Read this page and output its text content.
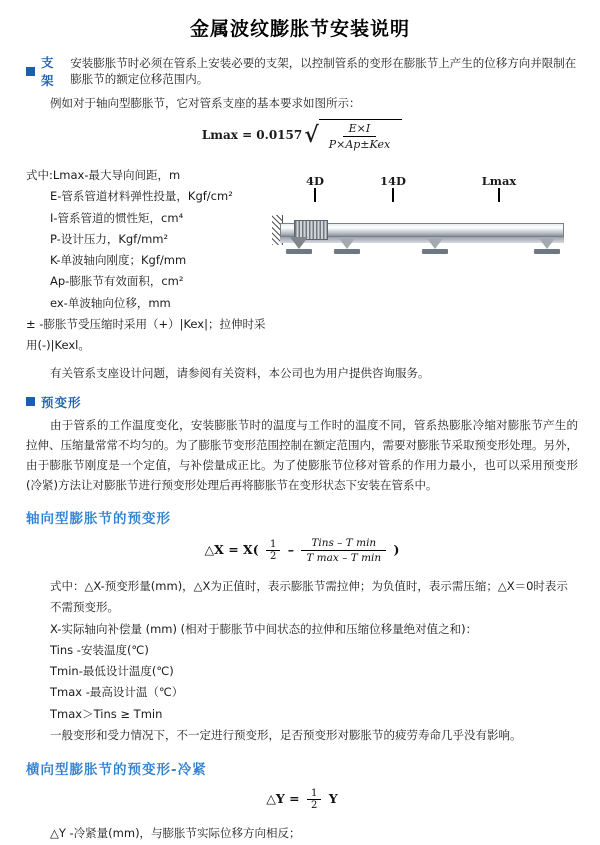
金属波纹膨胀节安装说明
支架
安装膨胀节时必须在管系上安装必要的支架，以控制管系的变形在膨胀节上产生的位移方向并限制在膨胀节的额定位移范围内。

例如对于轴向型膨胀节，它对管系支座的基本要求如图所示：

Lmax = 0.0157 √ $\frac{E\times I}{\text{P×Ap±Kex}}$
式中:Lmax-最大导向间距，m
E-管系管道材料弹性投量，Kgf/cm²
I-管系管道的惯性矩，cm⁴
P-设计压力，Kgf/mm²
K-单波轴向刚度；Kgf/mm
Ap-膨胀节有效面积，cm²
ex-单波轴向位移，mm
± -膨胀节受压缩时采用（+）|Kex|；拉伸时采用(-)|Kexl。
4D	14D	Lmax

有关管系支座设计问题，请参阅有关资料，本公司也为用户提供咨询服务。

预变形

由于管系的工作温度变化，安装膨胀节时的温度与工作时的温度不同，管系热膨胀冷缩对膨胀节产生的拉伸、压缩量常常不均匀的。为了膨胀节变形范围控制在额定范围内，需要对膨胀节采取预变形处理。另外，由于膨胀节刚度是一个定值，与补偿量成正比。为了使膨胀节位移对管系的作用力最小，也可以采用预变形(冷紧)方法让对膨胀节进行预变形处理后再将膨胀节在变形状态下安装在管系中。

轴向型膨胀节的预变形
△X = $X( \frac{1}{2} - \frac{\text{Tins – T min}}{\text{T max – T min}}$ )
式中：△X-预变形量(mm)，△X为正值时，表示膨胀节需拉伸；为负值时，表示需压缩；△X＝0时表示不需预变形。
X-实际轴向补偿量 (mm) (相对于膨胀节中间状态的拉伸和压缩位移量绝对值之和)：
Tins -安装温度(℃)
Tmin-最低设计温度(℃)
Tmax -最高设计温（℃）
Tmax＞Tins ≥ Tmin
一般变形和受力情况下，不一定进行预变形，足否预变形对膨胀节的疲劳寿命几乎没有影响。
横向型膨胀节的预变形-冷紧
△Y = $\frac{1}{2}$ Y
△Y -冷紧量(mm)，与膨胀节实际位移方向相反；
